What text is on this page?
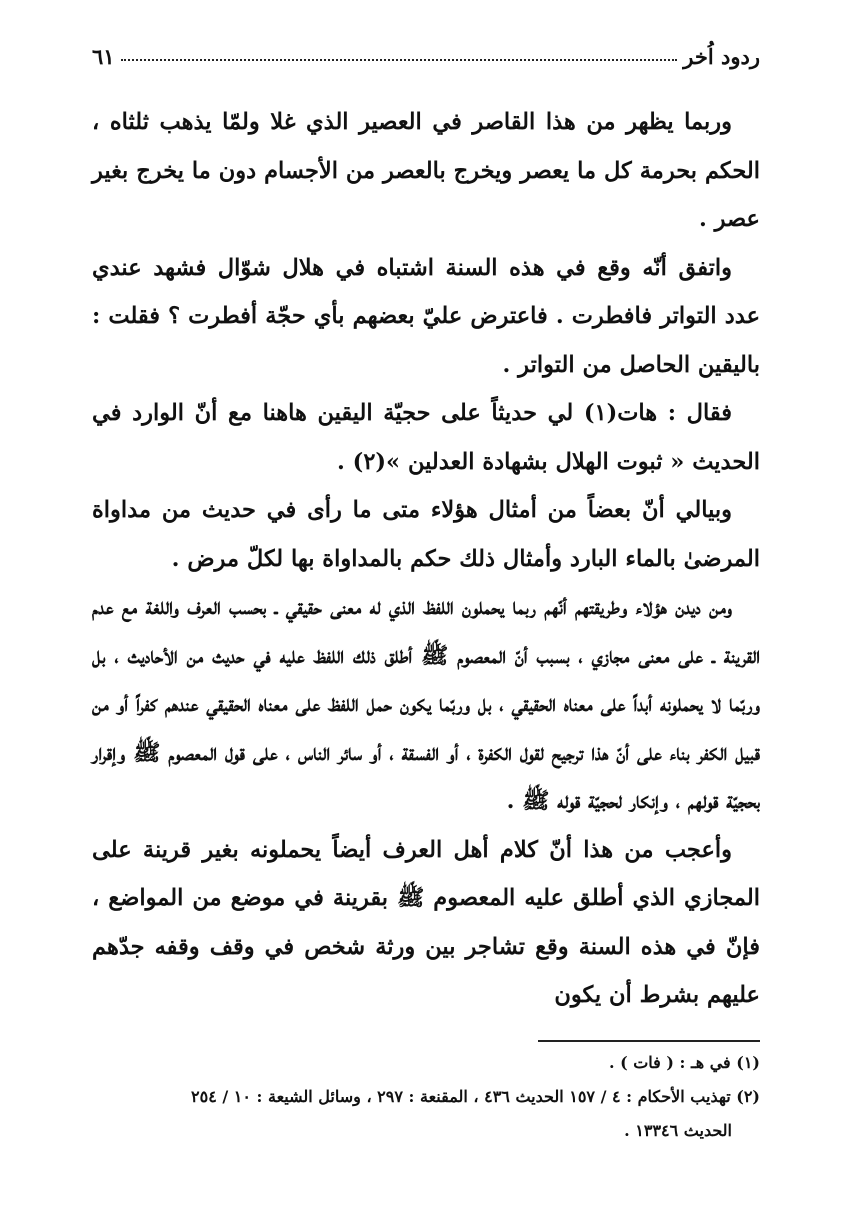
ردود اُخر
٦١

وربما يظهر من هذا القاصر في العصير الذي غلا ولمّا يذهب ثلثاه ، الحكم بحرمة كل ما يعصر ويخرج بالعصر من الأجسام دون ما يخرج بغير عصر .

واتفق أنّه وقع في هذه السنة اشتباه في هلال شوّال فشهد عندي عدد التواتر فافطرت . فاعترض عليّ بعضهم بأي حجّة أفطرت ؟ فقلت : باليقين الحاصل من التواتر .

فقال : هات(١) لي حديثاً على حجيّة اليقين هاهنا مع أنّ الوارد في الحديث « ثبوت الهلال بشهادة العدلين »(٢) .

وبيالي أنّ بعضاً من أمثال هؤلاء متى ما رأى في حديث من مداواة المرضىٰ بالماء البارد وأمثال ذلك حكم بالمداواة بها لكلّ مرض .

ومن ديدن هؤلاء وطريقتهم أنّهم ربما يحملون اللفظ الذي له معنى حقيقي ـ بحسب العرف واللغة مع عدم القرينة ـ على معنى مجازي ، بسبب أنّ المعصوم ﷺ أطلق ذلك اللفظ عليه في حديث من الأحاديث ، بل وربّما لا يحملونه أبداً على معناه الحقيقي ، بل وربّما يكون حمل اللفظ على معناه الحقيقي عندهم كفراً أو من قبيل الكفر بناء على أنّ هذا ترجيح لقول الكفرة ، أو الفسقة ، أو سائر الناس ، على قول المعصوم ﷺ وإقرار بحجيّة قولهم ، وإنكار لحجيّة قوله ﷺ .

وأعجب من هذا أنّ كلام أهل العرف أيضاً يحملونه بغير قرينة على المجازي الذي أطلق عليه المعصوم ﷺ بقرينة في موضع من المواضع ، فإنّ في هذه السنة وقع تشاجر بين ورثة شخص في وقف وقفه جدّهم عليهم بشرط أن يكون

(١) في هـ : ( فات ) .

(٢) تهذيب الأحكام : ٤ / ١٥٧ الحديث ٤٣٦ ، المقنعة : ٢٩٧ ، وسائل الشيعة : ١٠ / ٢٥٤

الحديث ١٣٣٤٦ .
